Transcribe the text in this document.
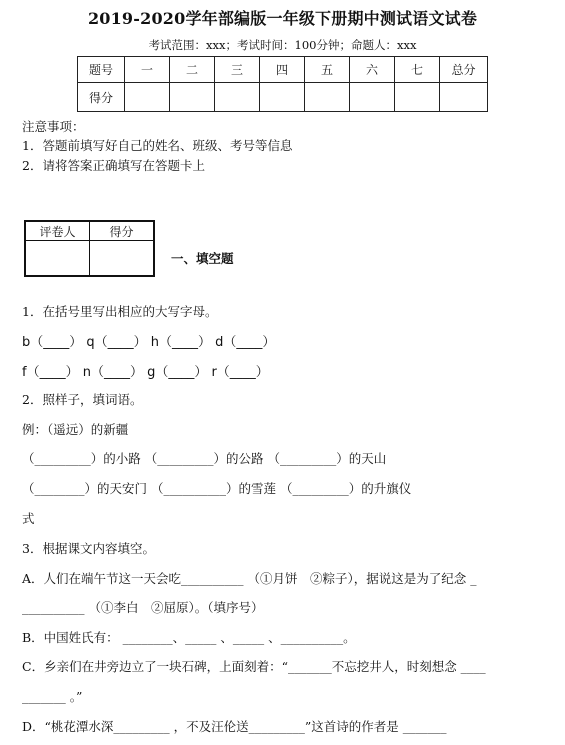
2019-2020学年部编版一年级下册期中测试语文试卷
考试范围：xxx；考试时间：100分钟；命题人：xxx
题号	一	二	三	四	五	六	七	总分
得分								
注意事项：
1．答题前填写好自己的姓名、班级、考号等信息
2．请将答案正确填写在答题卡上
评卷人	得分

一、填空题
1．在括号里写出相应的大写字母。
b（____） q（____） h（____） d（____）
f（____） n（____） g（____） r（____）
2．照样子，填词语。
例：（遥远）的新疆
（_________）的小路 （_________）的公路 （_________）的天山
（________）的天安门 （__________）的雪莲 （_________）的升旗仪
式
3．根据课文内容填空。
A．人们在端午节这一天会吃__________ （①月饼　②粽子），据说这是为了纪念 _
__________ （①李白　②屈原）。（填序号）
B．中国姓氏有： ________、_____ 、_____ 、__________。
C．乡亲们在井旁边立了一块石碑，上面刻着：“_______不忘挖井人，时刻想念 ____
_______ 。”
D．“桃花潭水深_________ ，不及汪伦送_________”这首诗的作者是 _______
